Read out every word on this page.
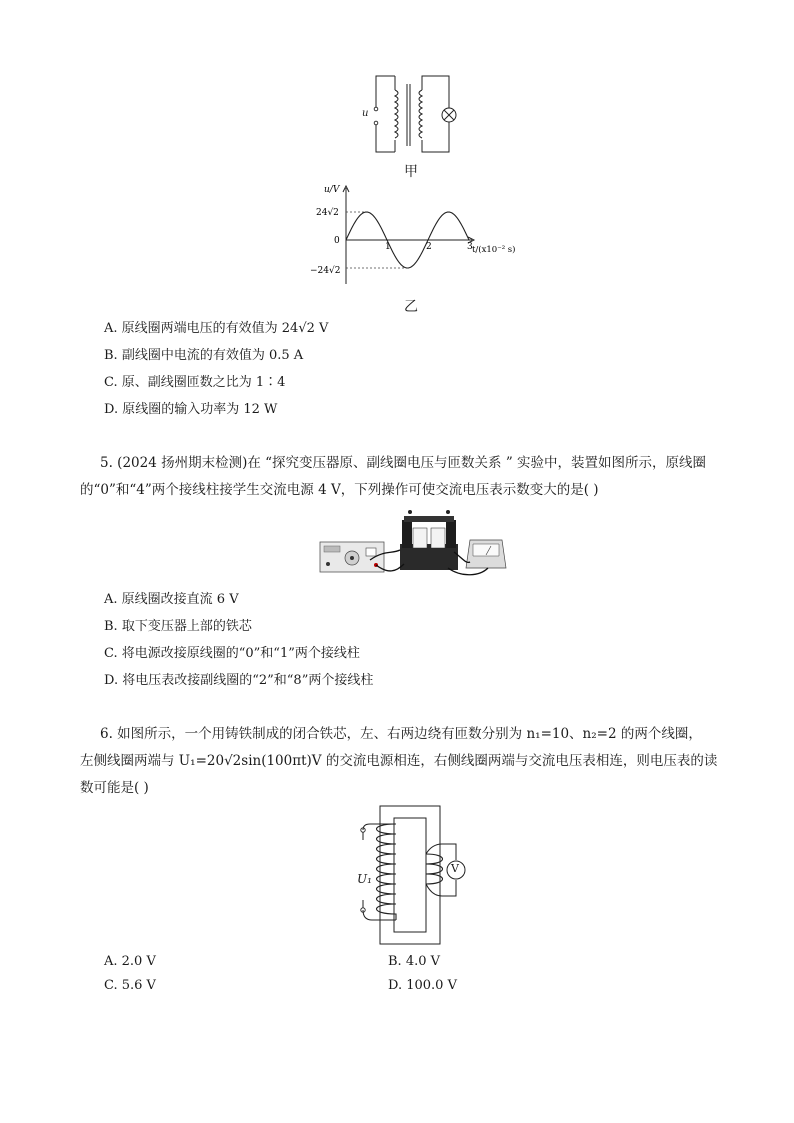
u
甲
1	2	3
u/V
t/(x10⁻² s)
24√2
−24√2
0
乙
A. 原线圈两端电压的有效值为 24√2 V
B. 副线圈中电流的有效值为 0.5 A
C. 原、副线圈匝数之比为 1∶4
D. 原线圈的输入功率为 12 W
5. (2024 扬州期末检测)在 “探究变压器原、副线圈电压与匝数关系 ” 实验中，装置如图所示，原线圈
的“0”和“4”两个接线柱接学生交流电源 4 V，下列操作可使交流电压表示数变大的是( )
A. 原线圈改接直流 6 V
B. 取下变压器上部的铁芯
C. 将电源改接原线圈的“0”和“1”两个接线柱
D. 将电压表改接副线圈的“2”和“8”两个接线柱
6. 如图所示，一个用铸铁制成的闭合铁芯，左、右两边绕有匝数分别为 n₁=10、n₂=2 的两个线圈，
左侧线圈两端与 U₁=20√2sin(100πt)V 的交流电源相连，右侧线圈两端与交流电压表相连，则电压表的读
数可能是( )
U₁
V
A. 2.0 V	B. 4.0 V
C. 5.6 V	D. 100.0 V
